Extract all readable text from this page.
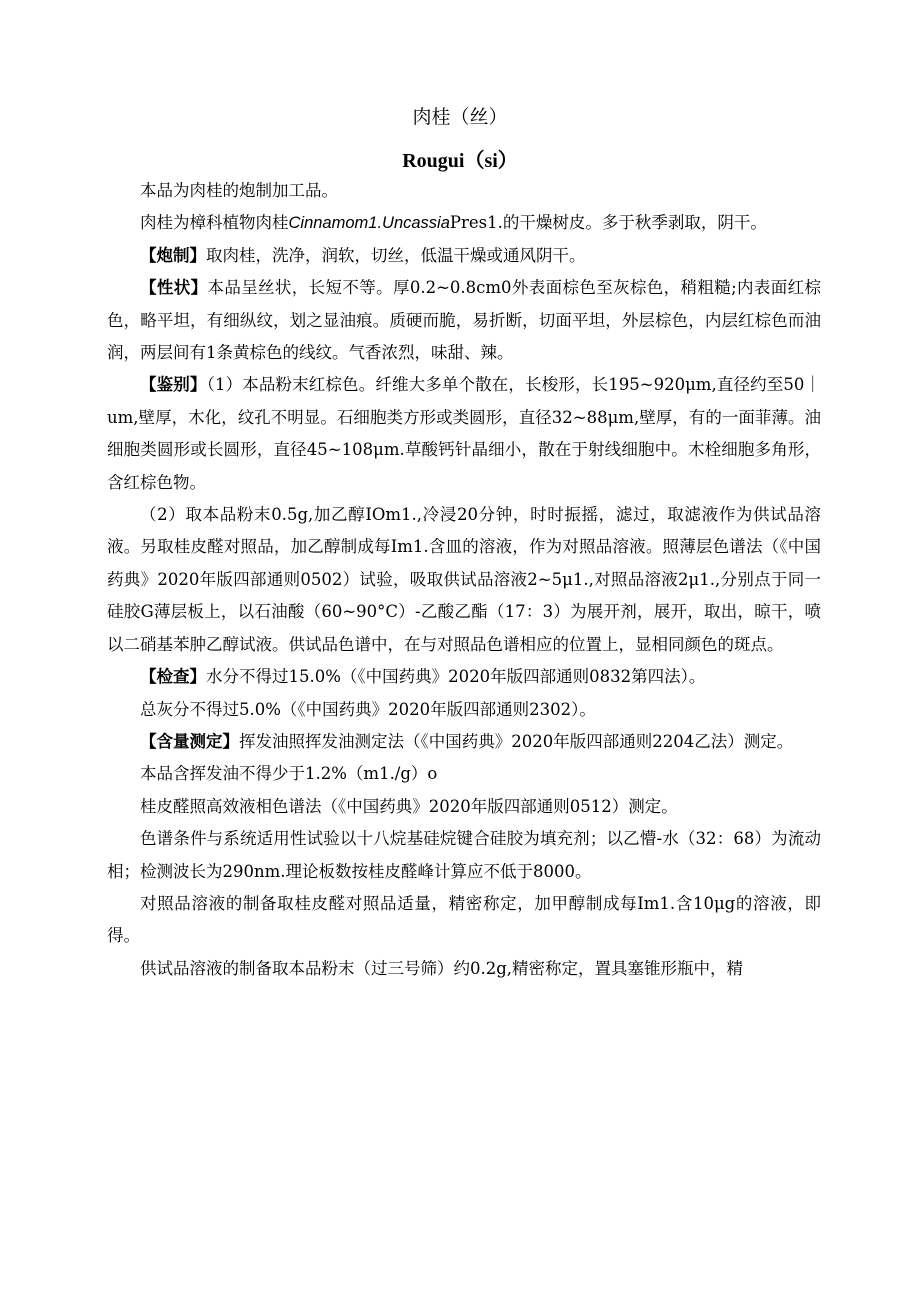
肉桂（丝）
Rougui（si）

本品为肉桂的炮制加工品。

肉桂为樟科植物肉桂Cinnamom1.UncassiaPres1.的干燥树皮。多于秋季剥取，阴干。

【炮制】取肉桂，洗净，润软，切丝，低温干燥或通风阴干。

【性状】本品呈丝状，长短不等。厚0.2~0.8cm0外表面棕色至灰棕色，稍粗糙;内表面红棕色，略平坦，有细纵纹，划之显油痕。质硬而脆，易折断，切面平坦，外层棕色，内层红棕色而油润，两层间有1条黄棕色的线纹。气香浓烈，味甜、辣。

【鉴别】（1）本品粉末红棕色。纤维大多单个散在，长梭形，长195~920μm,直径约至50｜um,壁厚，木化，纹孔不明显。石细胞类方形或类圆形，直径32~88μm,壁厚，有的一面菲薄。油细胞类圆形或长圆形，直径45~108μm.草酸钙针晶细小，散在于射线细胞中。木栓细胞多角形，含红棕色物。

（2）取本品粉末0.5g,加乙醇IOm1.,冷浸20分钟，时时振摇，滤过，取滤液作为供试品溶液。另取桂皮醛对照品，加乙醇制成每Im1.含皿的溶液，作为对照品溶液。照薄层色谱法（《中国药典》2020年版四部通则0502）试验，吸取供试品溶液2~5μ1.,对照品溶液2μ1.,分别点于同一硅胶G薄层板上，以石油酸（60~90°C）-乙酸乙酯（17：3）为展开剂，展开，取出，晾干，喷以二硝基苯肿乙醇试液。供试品色谱中，在与对照品色谱相应的位置上，显相同颜色的斑点。

【检查】水分不得过15.0%（《中国药典》2020年版四部通则0832第四法）。

总灰分不得过5.0%（《中国药典》2020年版四部通则2302）。

【含量测定】挥发油照挥发油测定法（《中国药典》2020年版四部通则2204乙法）测定。

本品含挥发油不得少于1.2%（m1./g）o

桂皮醛照高效液相色谱法（《中国药典》2020年版四部通则0512）测定。

色谱条件与系统适用性试验以十八烷基硅烷键合硅胶为填充剂；以乙懵-水（32：68）为流动相；检测波长为290nm.理论板数按桂皮醛峰计算应不低于8000。

对照品溶液的制备取桂皮醛对照品适量，精密称定，加甲醇制成每Im1.含10μg的溶液，即得。

供试品溶液的制备取本品粉末（过三号筛）约0.2g,精密称定，置具塞锥形瓶中，精
